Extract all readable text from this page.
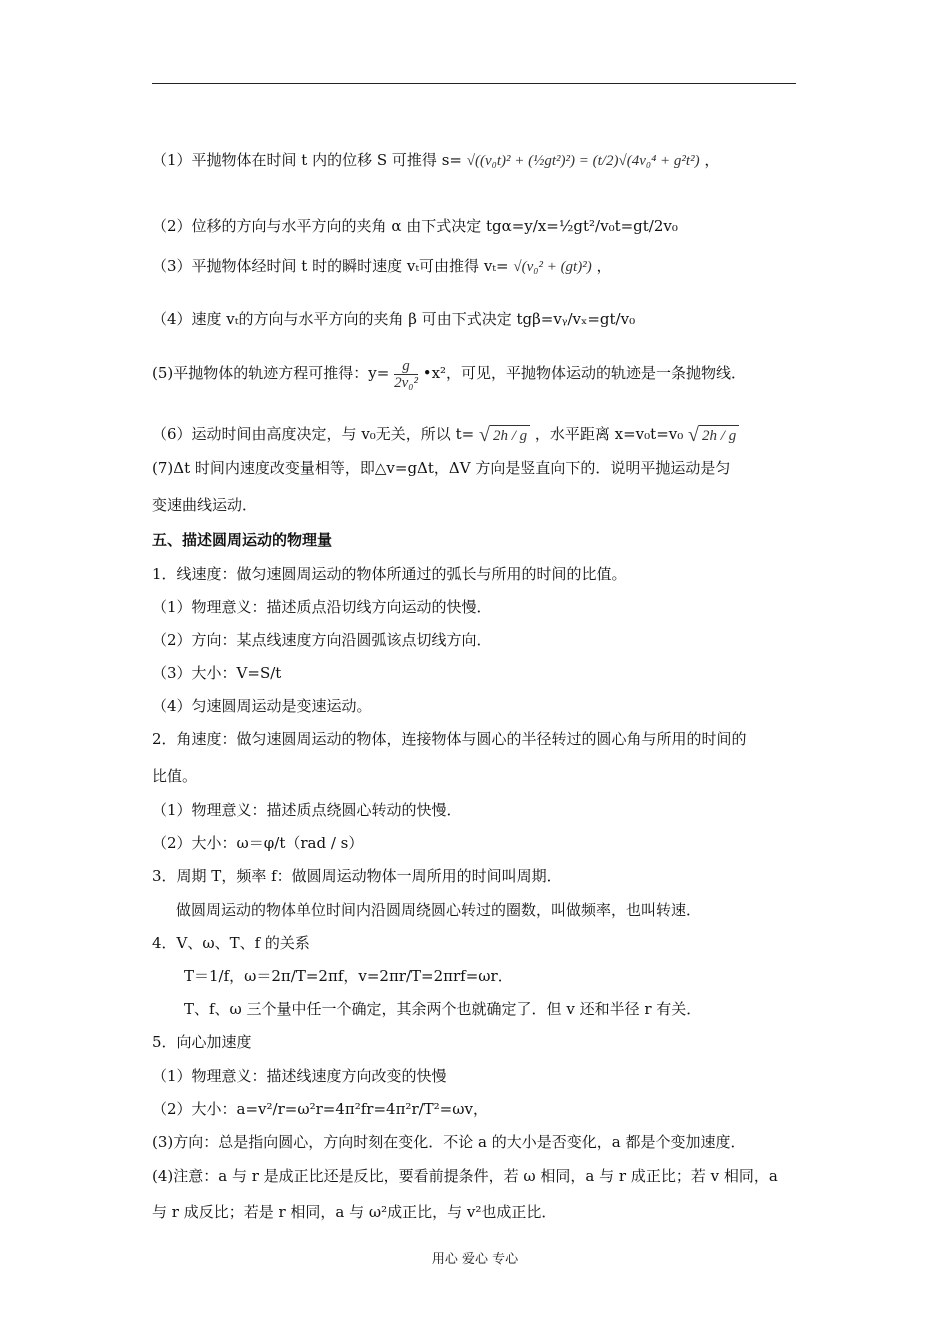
（1）平抛物体在时间 t 内的位移 S 可推得 s= √((v₀t)² + (½gt²)²) = (t/2)√(4v₀⁴ + g²t²) ，
（2）位移的方向与水平方向的夹角 α 由下式决定 tgα=y/x=½gt²/v₀t=gt/2v₀
（3）平抛物体经时间 t 时的瞬时速度 vₜ可由推得 vₜ= √(v₀² + (gt)²) ，
（4）速度 vₜ的方向与水平方向的夹角 β 可由下式决定 tgβ=vᵧ/vₓ=gt/v₀
(5)平抛物体的轨迹方程可推得：$y= \frac{g}{\text{2v₀²}}$ •x²，可见，平抛物体运动的轨迹是一条抛物线．
（6）运动时间由高度决定，与 v₀无关，所以 t= √ 2h / g ，水平距离 x=v₀t=v₀ √ 2h / g
(7)Δt 时间内速度改变量相等，即△v=gΔt，ΔV 方向是竖直向下的．说明平抛运动是匀
变速曲线运动．
五、描述圆周运动的物理量
1．线速度：做匀速圆周运动的物体所通过的弧长与所用的时间的比值。
（1）物理意义：描述质点沿切线方向运动的快慢．
（2）方向：某点线速度方向沿圆弧该点切线方向．
（3）大小：V=S/t
（4）匀速圆周运动是变速运动。
2．角速度：做匀速圆周运动的物体，连接物体与圆心的半径转过的圆心角与所用的时间的
比值。
（1）物理意义：描述质点绕圆心转动的快慢．
（2）大小：ω＝φ/t（rad / s）
3．周期 T，频率 f：做圆周运动物体一周所用的时间叫周期．
做圆周运动的物体单位时间内沿圆周绕圆心转过的圈数，叫做频率，也叫转速．
4．V、ω、T、f 的关系
T＝1/f，ω＝2π/T=2πf，v=2πr/T=2πrf=ωr．
T、f、ω 三个量中任一个确定，其余两个也就确定了．但 v 还和半径 r 有关．
5．向心加速度
（1）物理意义：描述线速度方向改变的快慢
（2）大小：a=v²/r=ω²r=4π²fr=4π²r/T²=ωv，
(3)方向：总是指向圆心，方向时刻在变化．不论 a 的大小是否变化，a 都是个变加速度．
(4)注意：a 与 r 是成正比还是反比，要看前提条件，若 ω 相同，a 与 r 成正比；若 v 相同，a
与 r 成反比；若是 r 相同，a 与 ω²成正比，与 v²也成正比．
用心 爱心 专心
